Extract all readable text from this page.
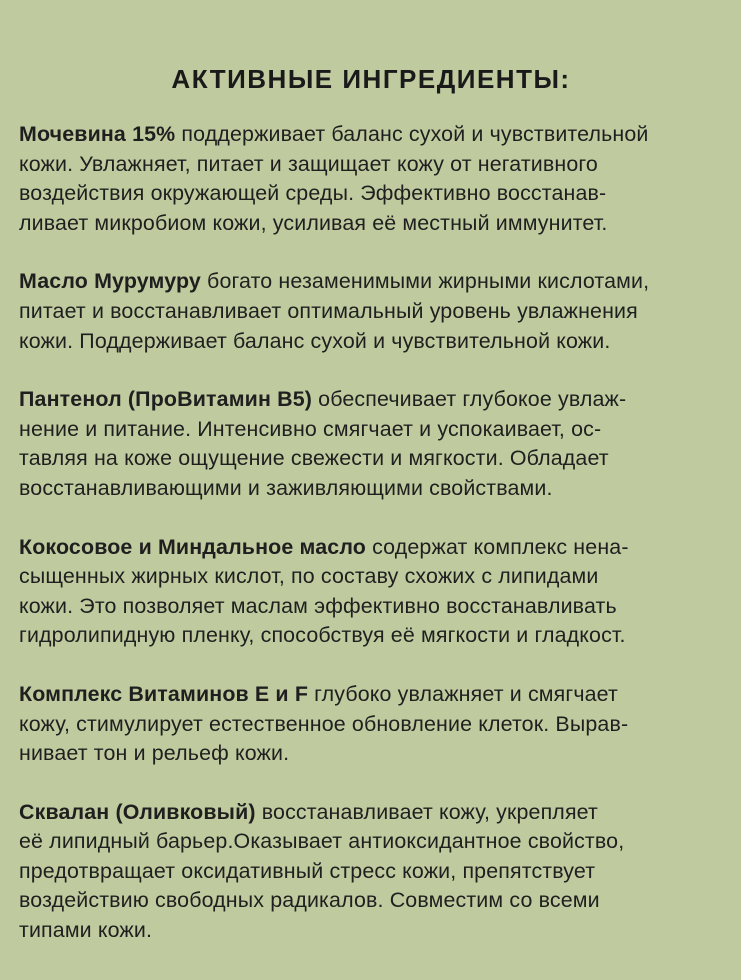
АКТИВНЫЕ ИНГРЕДИЕНТЫ:

Мочевина 15% поддерживает баланс сухой и чувствительной
кожи. Увлажняет, питает и защищает кожу от негативного
воздействия окружающей среды. Эффективно восстанав-
ливает микробиом кожи, усиливая её местный иммунитет.

Масло Мурумуру богато незаменимыми жирными кислотами,
питает и восстанавливает оптимальный уровень увлажнения
кожи. Поддерживает баланс сухой и чувствительной кожи.

Пантенол (ПроВитамин B5) обеспечивает глубокое увлаж-
нение и питание. Интенсивно смягчает и успокаивает, ос-
тавляя на коже ощущение свежести и мягкости. Обладает
восстанавливающими и заживляющими свойствами.

Кокосовое и Миндальное масло содержат комплекс нена-
сыщенных жирных кислот, по составу схожих с липидами
кожи. Это позволяет маслам эффективно восстанавливать
гидролипидную пленку, способствуя её мягкости и гладкост.

Комплекс Витаминов E и F глубоко увлажняет и смягчает
кожу, стимулирует естественное обновление клеток. Вырав-
нивает тон и рельеф кожи.

Сквалан (Оливковый) восстанавливает кожу, укрепляет
её липидный барьер.Оказывает антиоксидантное свойство,
предотвращает оксидативный стресс кожи, препятствует
воздействию свободных радикалов. Совместим со всеми
типами кожи.
